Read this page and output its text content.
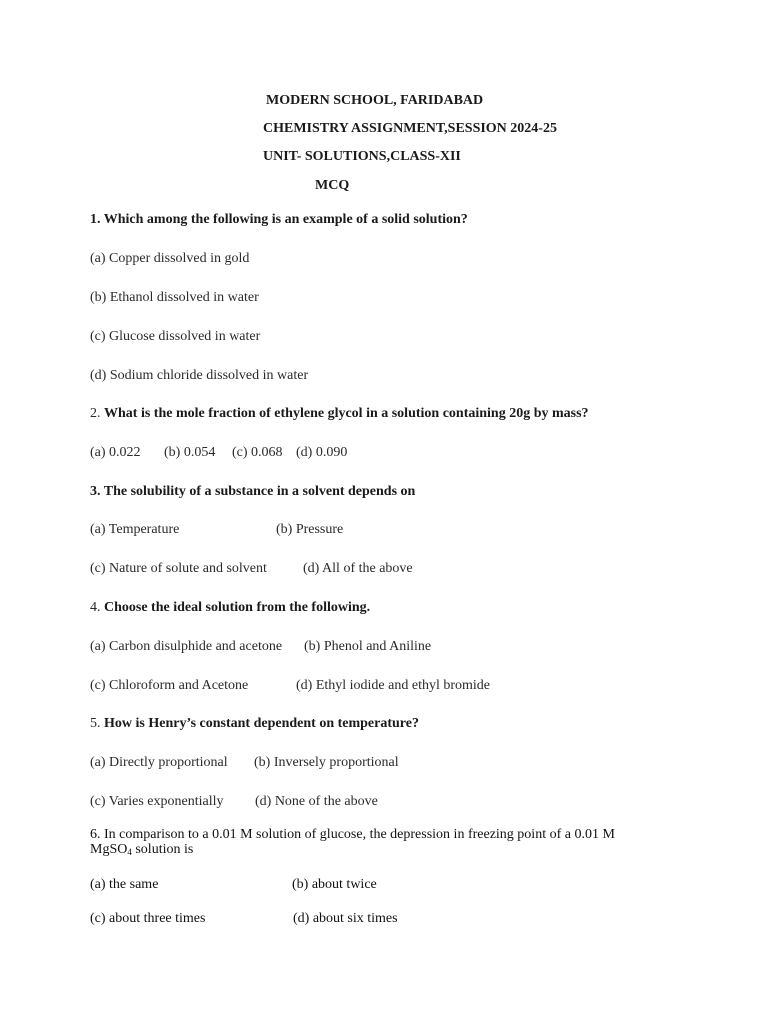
MODERN SCHOOL, FARIDABAD
CHEMISTRY ASSIGNMENT,SESSION 2024-25
UNIT- SOLUTIONS,CLASS-XII
MCQ
1. Which among the following is an example of a solid solution?
(a) Copper dissolved in gold
(b) Ethanol dissolved in water
(c) Glucose dissolved in water
(d) Sodium chloride dissolved in water
2. What is the mole fraction of ethylene glycol in a solution containing 20g by mass?
(a) 0.022 (b) 0.054 (c) 0.068 (d) 0.090
3. The solubility of a substance in a solvent depends on
(a) Temperature	(b) Pressure
(c) Nature of solute and solvent	(d) All of the above
4. Choose the ideal solution from the following.
(a) Carbon disulphide and acetone (b) Phenol and Aniline
(c) Chloroform and Acetone	(d) Ethyl iodide and ethyl bromide
5. How is Henry’s constant dependent on temperature?
(a) Directly proportional (b) Inversely proportional
(c) Varies exponentially (d) None of the above
6. In comparison to a 0.01 M solution of glucose, the depression in freezing point of a 0.01 M MgSO$_4$ solution is
(a) the same	(b) about twice
(c) about three times	(d) about six times
